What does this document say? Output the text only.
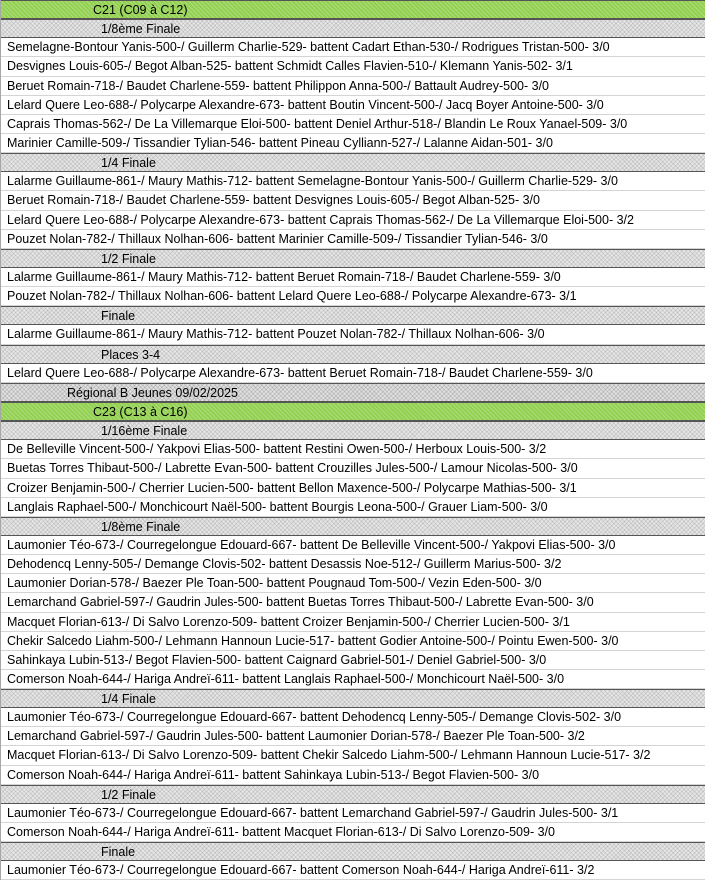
C21 (C09 à C12)
1/8ème Finale
Semelagne-Bontour Yanis-500-/ Guillerm Charlie-529- battent Cadart Ethan-530-/ Rodrigues Tristan-500- 3/0
Desvignes Louis-605-/ Begot Alban-525- battent Schmidt Calles Flavien-510-/ Klemann Yanis-502- 3/1
Beruet Romain-718-/ Baudet Charlene-559- battent Philippon Anna-500-/ Battault Audrey-500- 3/0
Lelard Quere Leo-688-/ Polycarpe Alexandre-673- battent Boutin Vincent-500-/ Jacq Boyer Antoine-500- 3/0
Caprais Thomas-562-/ De La Villemarque Eloi-500- battent Deniel Arthur-518-/ Blandin Le Roux Yanael-509- 3/0
Marinier Camille-509-/ Tissandier Tylian-546- battent Pineau Cylliann-527-/ Lalanne Aidan-501- 3/0
1/4 Finale
Lalarme Guillaume-861-/ Maury Mathis-712- battent Semelagne-Bontour Yanis-500-/ Guillerm Charlie-529- 3/0
Beruet Romain-718-/ Baudet Charlene-559- battent Desvignes Louis-605-/ Begot Alban-525- 3/0
Lelard Quere Leo-688-/ Polycarpe Alexandre-673- battent Caprais Thomas-562-/ De La Villemarque Eloi-500- 3/2
Pouzet Nolan-782-/ Thillaux Nolhan-606- battent Marinier Camille-509-/ Tissandier Tylian-546- 3/0
1/2 Finale
Lalarme Guillaume-861-/ Maury Mathis-712- battent Beruet Romain-718-/ Baudet Charlene-559- 3/0
Pouzet Nolan-782-/ Thillaux Nolhan-606- battent Lelard Quere Leo-688-/ Polycarpe Alexandre-673- 3/1
Finale
Lalarme Guillaume-861-/ Maury Mathis-712- battent Pouzet Nolan-782-/ Thillaux Nolhan-606- 3/0
Places 3-4
Lelard Quere Leo-688-/ Polycarpe Alexandre-673- battent Beruet Romain-718-/ Baudet Charlene-559- 3/0
Régional B Jeunes 09/02/2025
C23 (C13 à C16)
1/16ème Finale
De Belleville Vincent-500-/ Yakpovi Elias-500- battent Restini Owen-500-/ Herboux Louis-500- 3/2
Buetas Torres Thibaut-500-/ Labrette Evan-500- battent Crouzilles Jules-500-/ Lamour Nicolas-500- 3/0
Croizer Benjamin-500-/ Cherrier Lucien-500- battent Bellon Maxence-500-/ Polycarpe Mathias-500- 3/1
Langlais Raphael-500-/ Monchicourt Naël-500- battent Bourgis Leona-500-/ Grauer Liam-500- 3/0
1/8ème Finale
Laumonier Téo-673-/ Courregelongue Edouard-667- battent De Belleville Vincent-500-/ Yakpovi Elias-500- 3/0
Dehodencq Lenny-505-/ Demange Clovis-502- battent Desassis Noe-512-/ Guillerm Marius-500- 3/2
Laumonier Dorian-578-/ Baezer Ple Toan-500- battent Pougnaud Tom-500-/ Vezin Eden-500- 3/0
Lemarchand Gabriel-597-/ Gaudrin Jules-500- battent Buetas Torres Thibaut-500-/ Labrette Evan-500- 3/0
Macquet Florian-613-/ Di Salvo Lorenzo-509- battent Croizer Benjamin-500-/ Cherrier Lucien-500- 3/1
Chekir Salcedo Liahm-500-/ Lehmann Hannoun Lucie-517- battent Godier Antoine-500-/ Pointu Ewen-500- 3/0
Sahinkaya Lubin-513-/ Begot Flavien-500- battent Caignard Gabriel-501-/ Deniel Gabriel-500- 3/0
Comerson Noah-644-/ Hariga Andreï-611- battent Langlais Raphael-500-/ Monchicourt Naël-500- 3/0
1/4 Finale
Laumonier Téo-673-/ Courregelongue Edouard-667- battent Dehodencq Lenny-505-/ Demange Clovis-502- 3/0
Lemarchand Gabriel-597-/ Gaudrin Jules-500- battent Laumonier Dorian-578-/ Baezer Ple Toan-500- 3/2
Macquet Florian-613-/ Di Salvo Lorenzo-509- battent Chekir Salcedo Liahm-500-/ Lehmann Hannoun Lucie-517- 3/2
Comerson Noah-644-/ Hariga Andreï-611- battent Sahinkaya Lubin-513-/ Begot Flavien-500- 3/0
1/2 Finale
Laumonier Téo-673-/ Courregelongue Edouard-667- battent Lemarchand Gabriel-597-/ Gaudrin Jules-500- 3/1
Comerson Noah-644-/ Hariga Andreï-611- battent Macquet Florian-613-/ Di Salvo Lorenzo-509- 3/0
Finale
Laumonier Téo-673-/ Courregelongue Edouard-667- battent Comerson Noah-644-/ Hariga Andreï-611- 3/2
